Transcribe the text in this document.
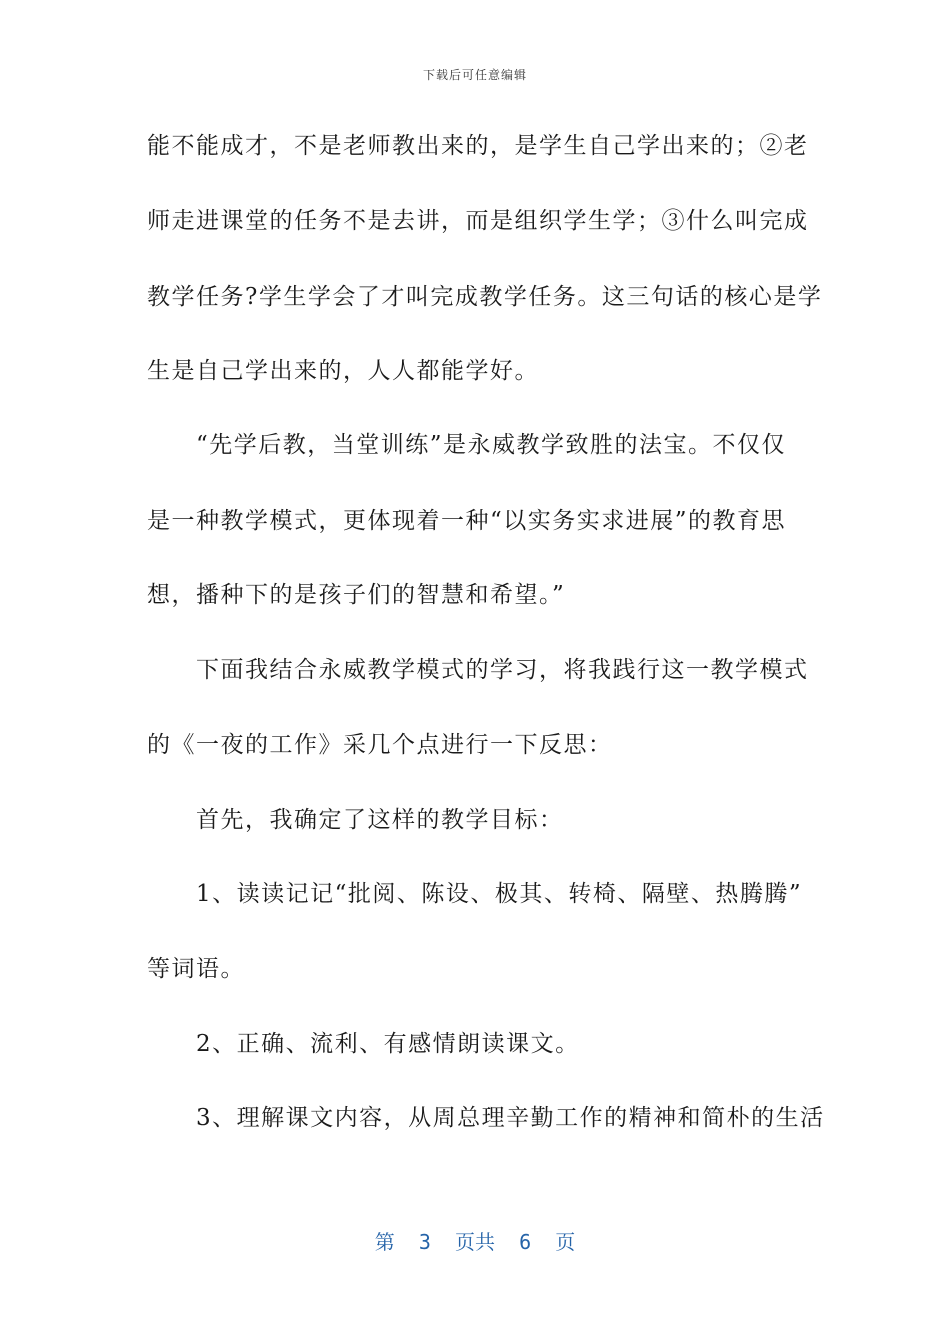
下载后可任意编辑
能不能成才，不是老师教出来的，是学生自己学出来的；②老
师走进课堂的任务不是去讲，而是组织学生学；③什么叫完成
教学任务?学生学会了才叫完成教学任务。这三句话的核心是学
生是自己学出来的，人人都能学好。
　　“先学后教，当堂训练”是永威教学致胜的法宝。不仅仅
是一种教学模式，更体现着一种“以实务实求进展”的教育思
想，播种下的是孩子们的智慧和希望。”
　　下面我结合永威教学模式的学习，将我践行这一教学模式
的《一夜的工作》采几个点进行一下反思：
　　首先，我确定了这样的教学目标：
　　1、读读记记“批阅、陈设、极其、转椅、隔壁、热腾腾”
等词语。
　　2、正确、流利、有感情朗读课文。
　　3、理解课文内容，从周总理辛勤工作的精神和简朴的生活
第  3  页共  6  页
